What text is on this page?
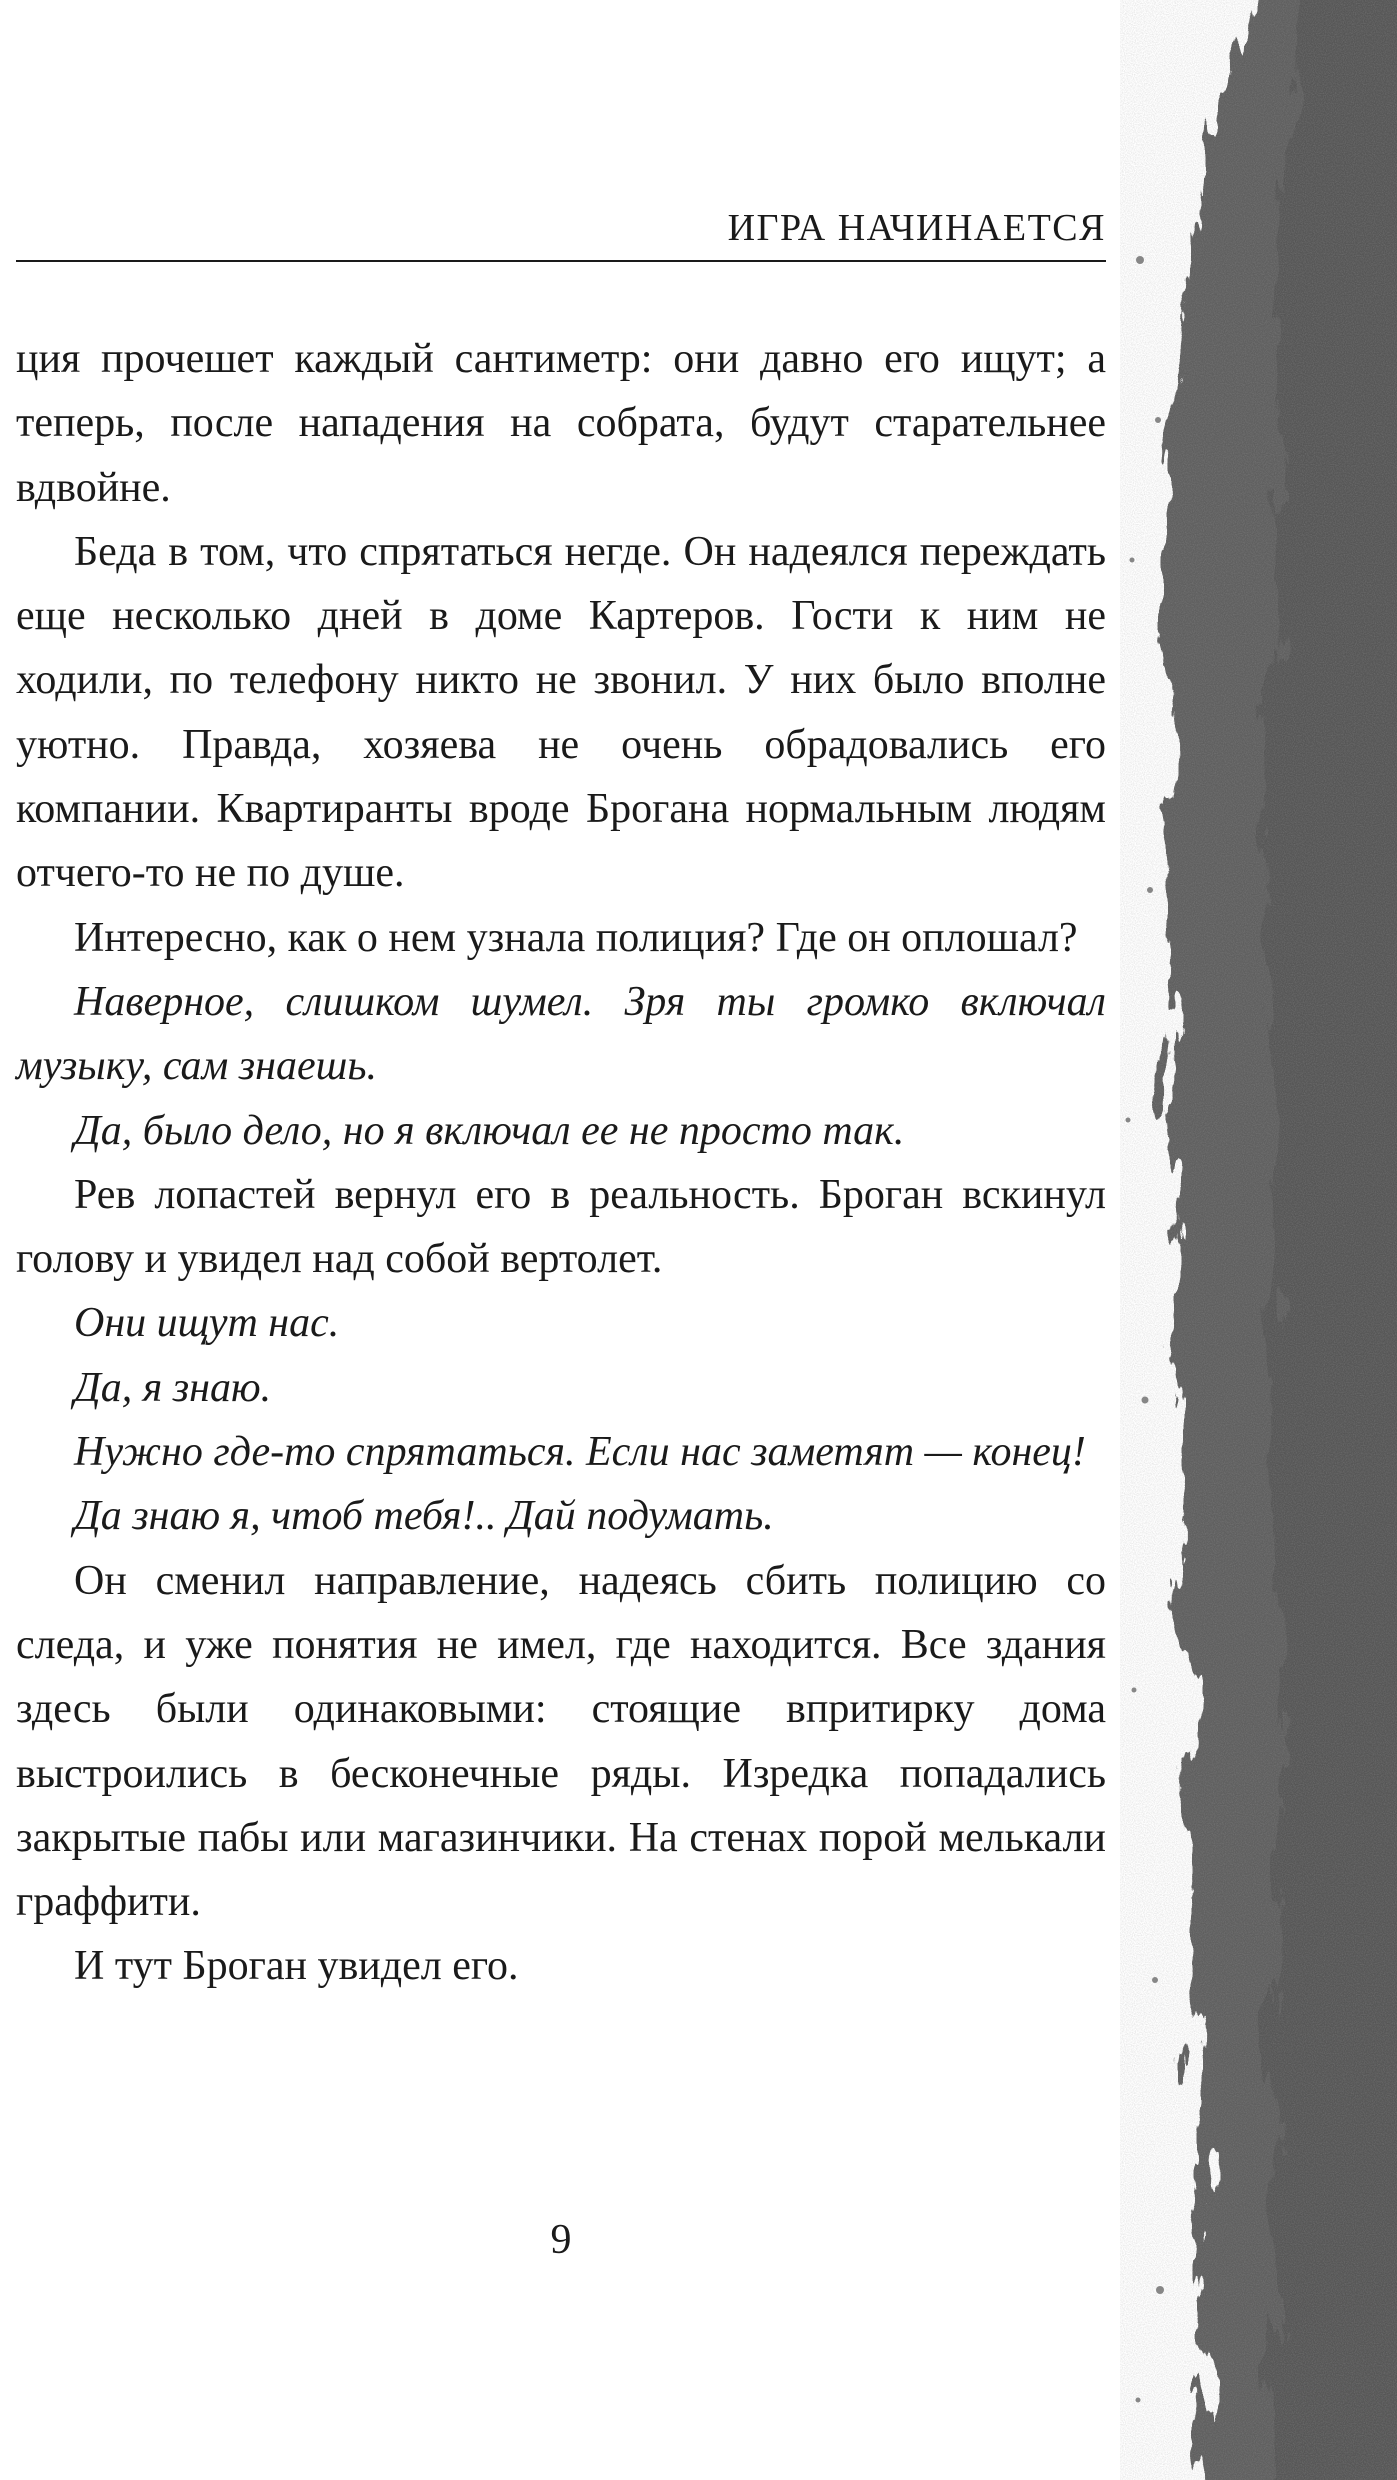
ИГРА НАЧИНАЕТСЯ

ция прочешет каждый сантиметр: они давно его ищут; а теперь, после нападения на собрата, будут старательнее вдвойне.

Беда в том, что спрятаться негде. Он надеялся переждать еще несколько дней в доме Картеров. Гости к ним не ходили, по телефону никто не звонил. У них было вполне уютно. Правда, хозяева не очень обрадовались его компании. Квартиранты вроде Брогана нормальным людям отчего-то не по душе.

Интересно, как о нем узнала полиция? Где он оплошал?

Наверное, слишком шумел. Зря ты громко включал музыку, сам знаешь.

Да, было дело, но я включал ее не просто так.

Рев лопастей вернул его в реальность. Броган вскинул голову и увидел над собой вертолет.

Они ищут нас.

Да, я знаю.

Нужно где-то спрятаться. Если нас заметят — конец!

Да знаю я, чтоб тебя!.. Дай подумать.

Он сменил направление, надеясь сбить полицию со следа, и уже понятия не имел, где находится. Все здания здесь были одинаковыми: стоящие впритирку дома выстроились в бесконечные ряды. Изредка попадались закрытые пабы или магазинчики. На стенах порой мелькали граффити.

И тут Броган увидел его.

9
